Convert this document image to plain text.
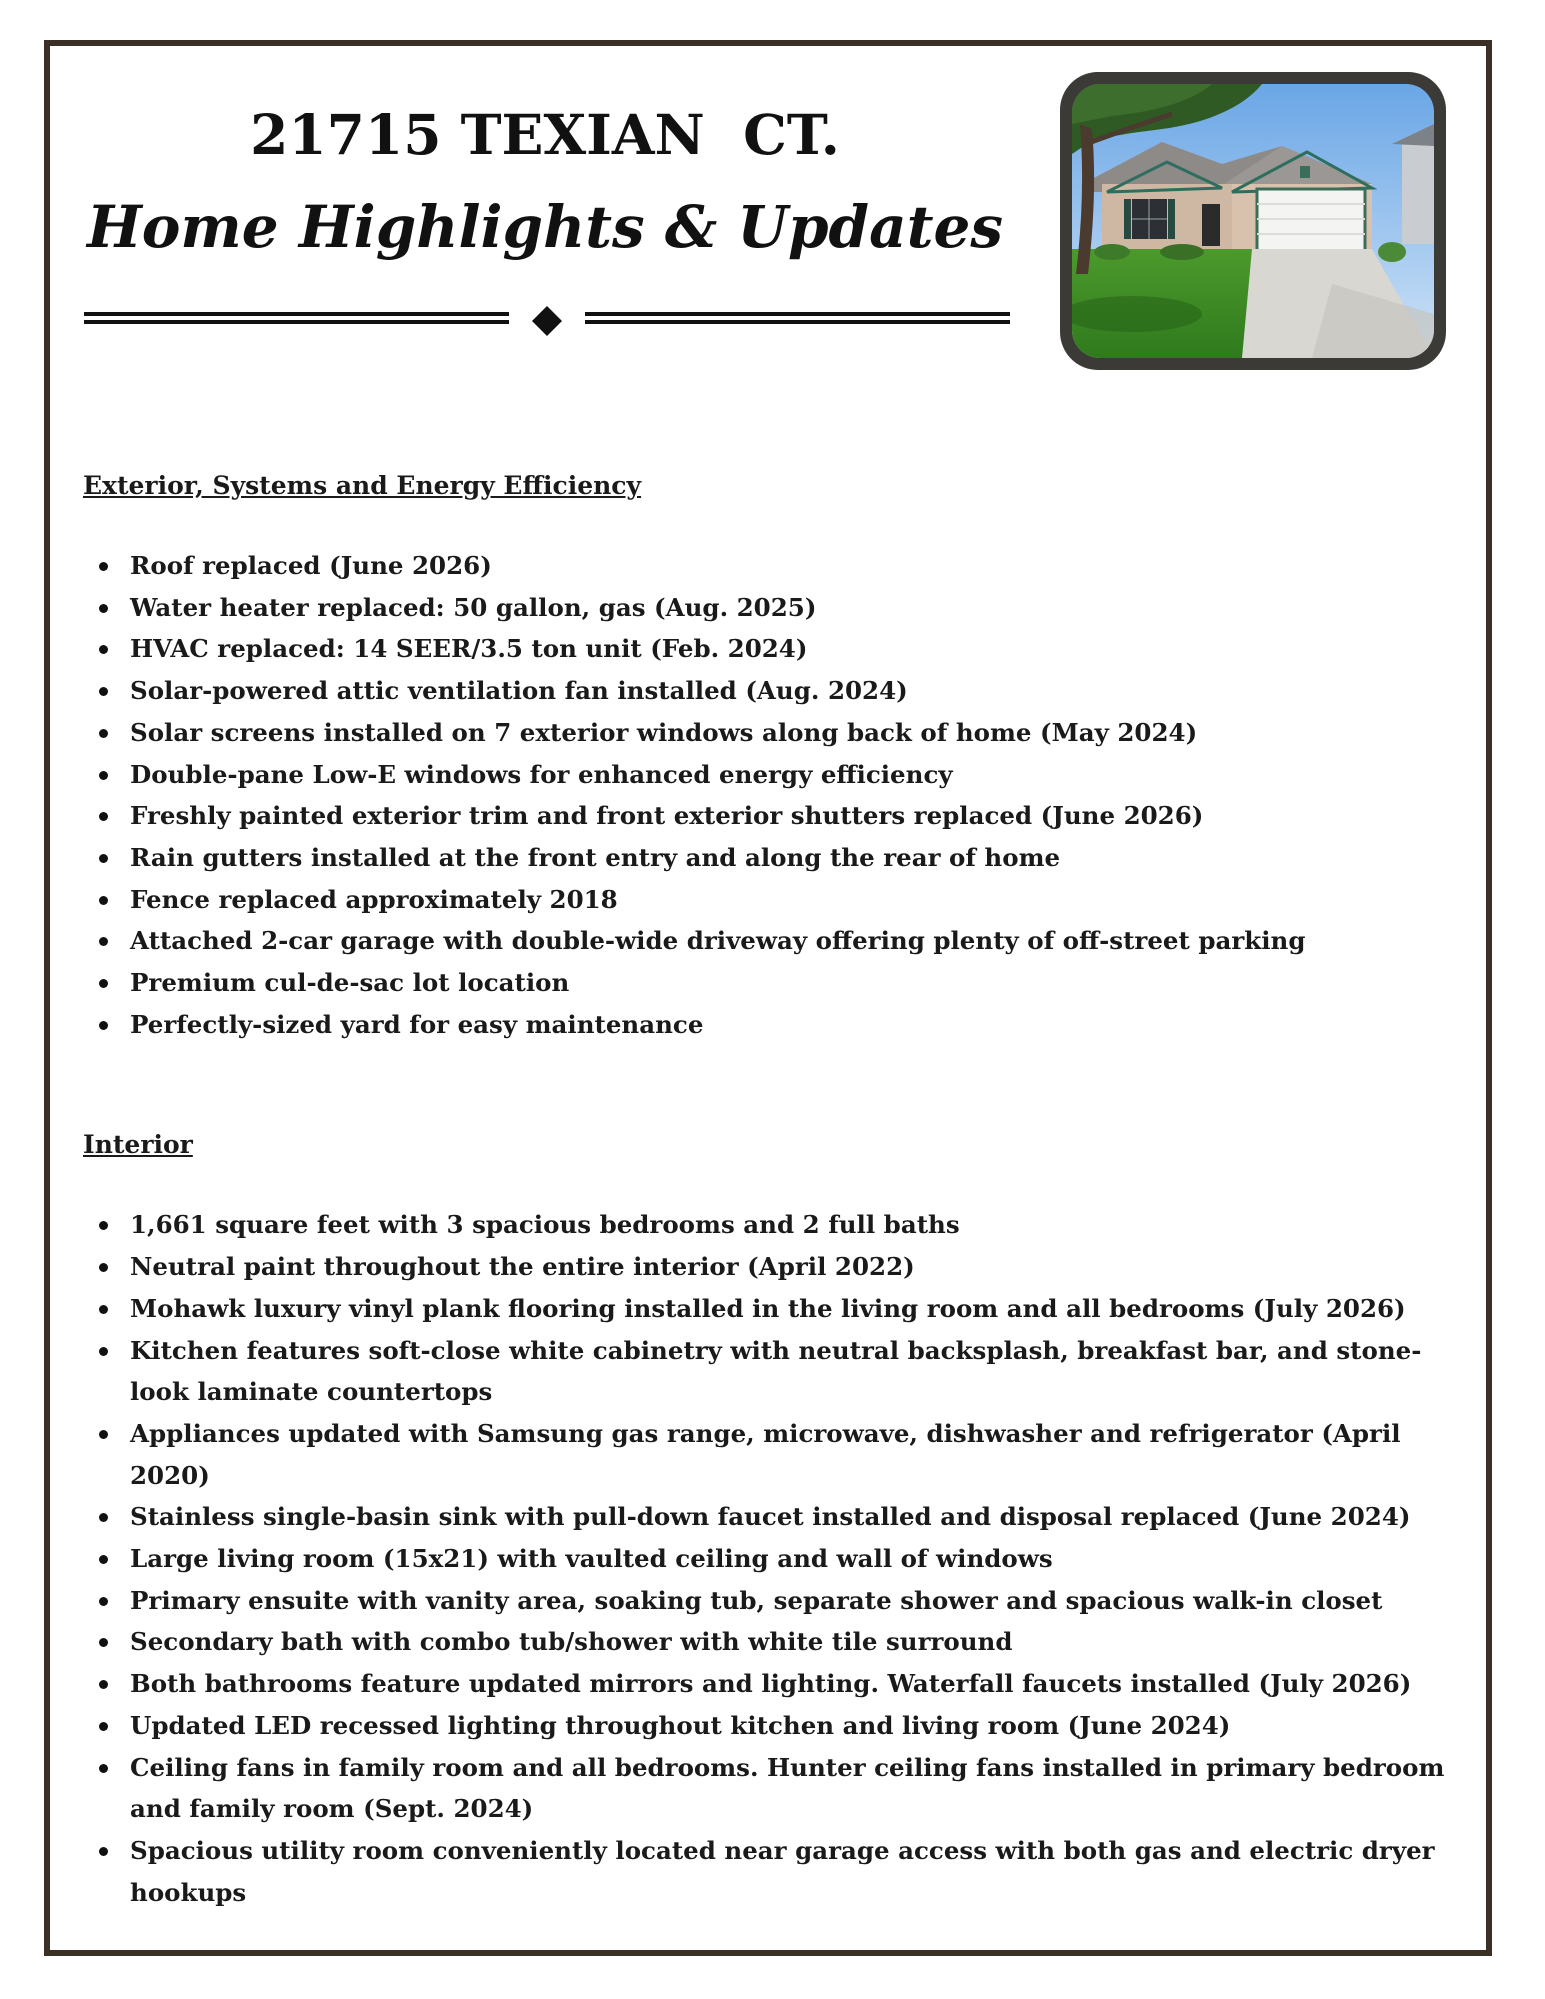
21715 TEXIAN  CT.
Home Highlights & Updates
Exterior, Systems and Energy Efficiency
Roof replaced (June 2026)
Water heater replaced: 50 gallon, gas (Aug. 2025)
HVAC replaced: 14 SEER/3.5 ton unit (Feb. 2024)
Solar-powered attic ventilation fan installed (Aug. 2024)
Solar screens installed on 7 exterior windows along back of home (May 2024)
Double-pane Low-E windows for enhanced energy efficiency
Freshly painted exterior trim and front exterior shutters replaced (June 2026)
Rain gutters installed at the front entry and along the rear of home
Fence replaced approximately 2018
Attached 2-car garage with double-wide driveway offering plenty of off-street parking
Premium cul-de-sac lot location
Perfectly-sized yard for easy maintenance
Interior
1,661 square feet with 3 spacious bedrooms and 2 full baths
Neutral paint throughout the entire interior (April 2022)
Mohawk luxury vinyl plank flooring installed in the living room and all bedrooms (July 2026)
Kitchen features soft-close white cabinetry with neutral backsplash, breakfast bar, and stone-look laminate countertops
Appliances updated with Samsung gas range, microwave, dishwasher and refrigerator (April 2020)
Stainless single-basin sink with pull-down faucet installed and disposal replaced (June 2024)
Large living room (15x21) with vaulted ceiling and wall of windows
Primary ensuite with vanity area, soaking tub, separate shower and spacious walk-in closet
Secondary bath with combo tub/shower with white tile surround
Both bathrooms feature updated mirrors and lighting. Waterfall faucets installed (July 2026)
Updated LED recessed lighting throughout kitchen and living room (June 2024)
Ceiling fans in family room and all bedrooms. Hunter ceiling fans installed in primary bedroom and family room (Sept. 2024)
Spacious utility room conveniently located near garage access with both gas and electric dryer hookups
